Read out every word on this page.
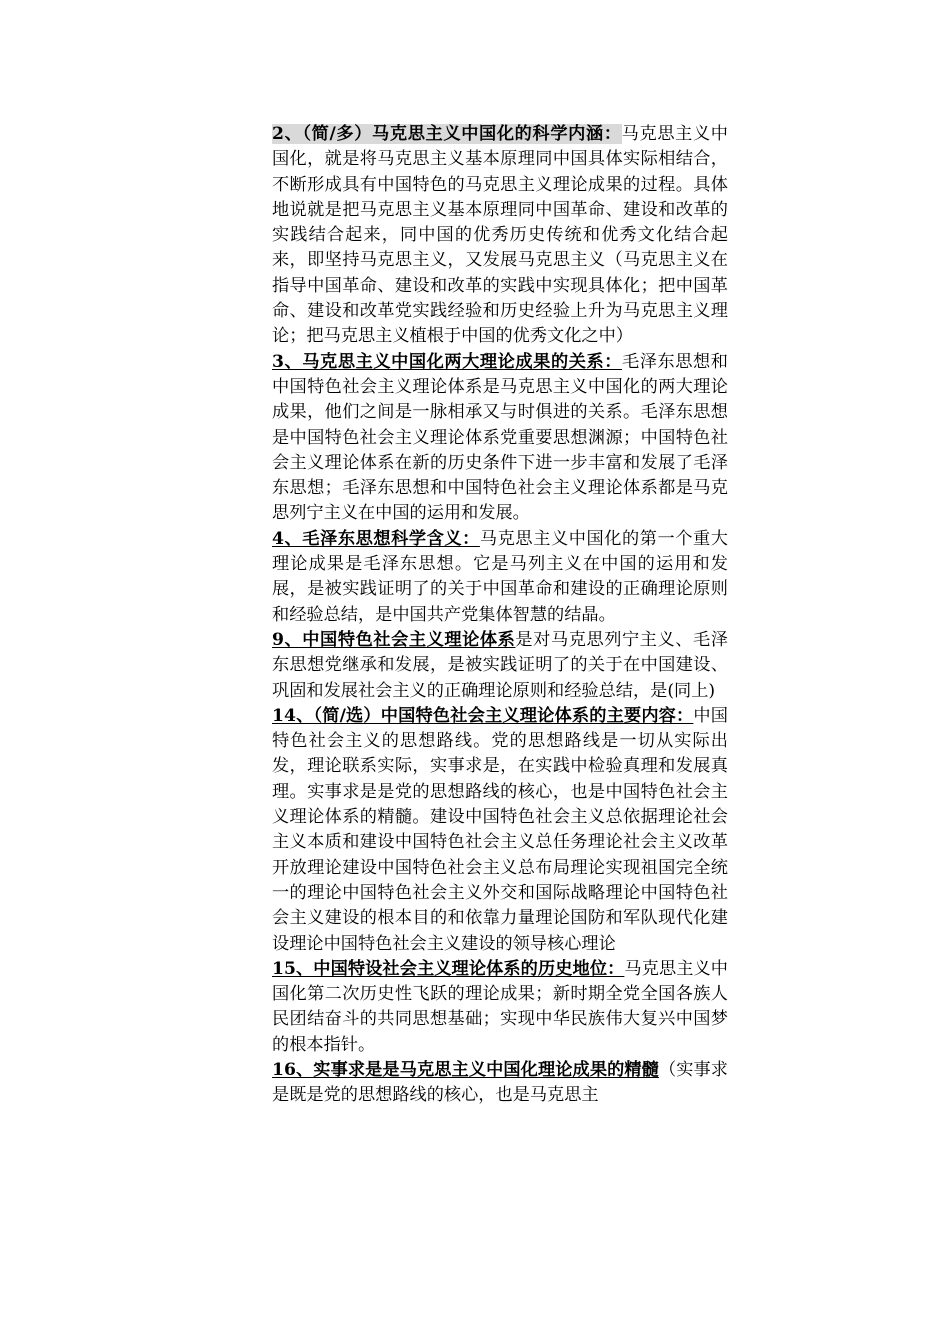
2、（简/多）马克思主义中国化的科学内涵：马克思主义中国化，就是将马克思主义基本原理同中国具体实际相结合，不断形成具有中国特色的马克思主义理论成果的过程。具体地说就是把马克思主义基本原理同中国革命、建设和改革的实践结合起来，同中国的优秀历史传统和优秀文化结合起来，即坚持马克思主义，又发展马克思主义（马克思主义在指导中国革命、建设和改革的实践中实现具体化；把中国革命、建设和改革党实践经验和历史经验上升为马克思主义理论；把马克思主义植根于中国的优秀文化之中）

3、马克思主义中国化两大理论成果的关系：毛泽东思想和中国特色社会主义理论体系是马克思主义中国化的两大理论成果，他们之间是一脉相承又与时俱进的关系。毛泽东思想是中国特色社会主义理论体系党重要思想渊源；中国特色社会主义理论体系在新的历史条件下进一步丰富和发展了毛泽东思想；毛泽东思想和中国特色社会主义理论体系都是马克思列宁主义在中国的运用和发展。

4、毛泽东思想科学含义：马克思主义中国化的第一个重大理论成果是毛泽东思想。它是马列主义在中国的运用和发展，是被实践证明了的关于中国革命和建设的正确理论原则和经验总结，是中国共产党集体智慧的结晶。

9、中国特色社会主义理论体系是对马克思列宁主义、毛泽东思想党继承和发展，是被实践证明了的关于在中国建设、巩固和发展社会主义的正确理论原则和经验总结，是(同上)

14、（简/选）中国特色社会主义理论体系的主要内容：中国特色社会主义的思想路线。党的思想路线是一切从实际出发，理论联系实际，实事求是，在实践中检验真理和发展真理。实事求是是党的思想路线的核心，也是中国特色社会主义理论体系的精髓。建设中国特色社会主义总依据理论社会主义本质和建设中国特色社会主义总任务理论社会主义改革开放理论建设中国特色社会主义总布局理论实现祖国完全统一的理论中国特色社会主义外交和国际战略理论中国特色社会主义建设的根本目的和依靠力量理论国防和军队现代化建设理论中国特色社会主义建设的领导核心理论

15、中国特设社会主义理论体系的历史地位：马克思主义中国化第二次历史性飞跃的理论成果；新时期全党全国各族人民团结奋斗的共同思想基础；实现中华民族伟大复兴中国梦的根本指针。

16、实事求是是马克思主义中国化理论成果的精髓（实事求是既是党的思想路线的核心，也是马克思主
